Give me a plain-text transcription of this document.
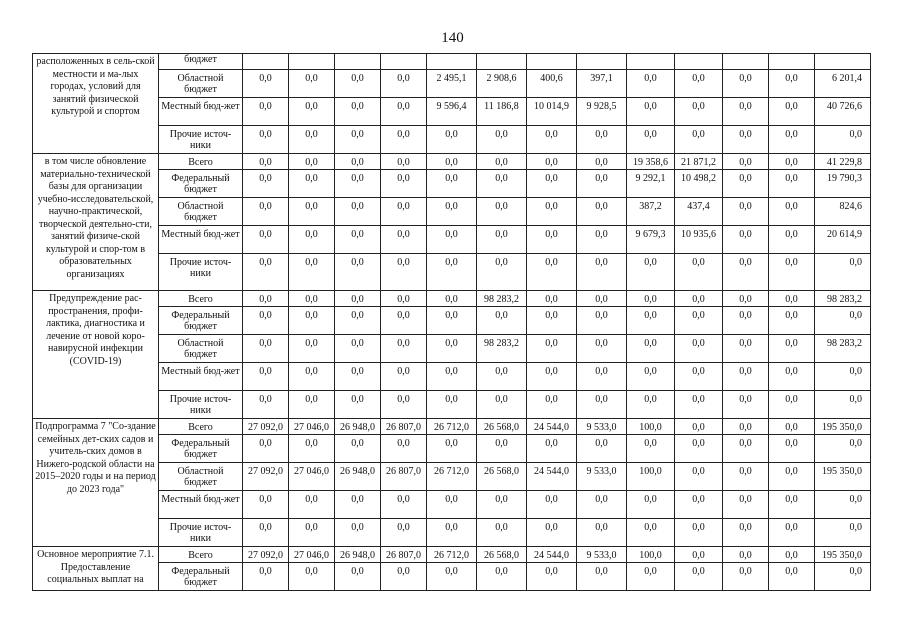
140
расположенных в сель-ской местности и ма-лых городах, условий для занятий физической культурой и спортом	бюджет													
	Областной бюджет	0,0	0,0	0,0	0,0	2 495,1	2 908,6	400,6	397,1	0,0	0,0	0,0	0,0	6 201,4
	Местный бюд-жет	0,0	0,0	0,0	0,0	9 596,4	11 186,8	10 014,9	9 928,5	0,0	0,0	0,0	0,0	40 726,6
	Прочие источ-ники	0,0	0,0	0,0	0,0	0,0	0,0	0,0	0,0	0,0	0,0	0,0	0,0	0,0
в том числе обновление материально-технической базы для организации учебно-исследовательской, научно-практической, творческой деятельно-сти, занятий физиче-ской культурой и спор-том в образовательных организациях	Всего	0,0	0,0	0,0	0,0	0,0	0,0	0,0	0,0	19 358,6	21 871,2	0,0	0,0	41 229,8
	Федеральный бюджет	0,0	0,0	0,0	0,0	0,0	0,0	0,0	0,0	9 292,1	10 498,2	0,0	0,0	19 790,3
	Областной бюджет	0,0	0,0	0,0	0,0	0,0	0,0	0,0	0,0	387,2	437,4	0,0	0,0	824,6
	Местный бюд-жет	0,0	0,0	0,0	0,0	0,0	0,0	0,0	0,0	9 679,3	10 935,6	0,0	0,0	20 614,9
	Прочие источ-ники	0,0	0,0	0,0	0,0	0,0	0,0	0,0	0,0	0,0	0,0	0,0	0,0	0,0
Предупреждение рас-пространения, профи-лактика, диагностика и лечение от новой коро-навирусной инфекции (COVID-19)	Всего	0,0	0,0	0,0	0,0	0,0	98 283,2	0,0	0,0	0,0	0,0	0,0	0,0	98 283,2
	Федеральный бюджет	0,0	0,0	0,0	0,0	0,0	0,0	0,0	0,0	0,0	0,0	0,0	0,0	0,0
	Областной бюджет	0,0	0,0	0,0	0,0	0,0	98 283,2	0,0	0,0	0,0	0,0	0,0	0,0	98 283,2
	Местный бюд-жет	0,0	0,0	0,0	0,0	0,0	0,0	0,0	0,0	0,0	0,0	0,0	0,0	0,0
	Прочие источ-ники	0,0	0,0	0,0	0,0	0,0	0,0	0,0	0,0	0,0	0,0	0,0	0,0	0,0
Подпрограмма 7 "Со-здание семейных дет-ских садов и учитель-ских домов в Нижего-родской области на 2015–2020 годы и на период до 2023 года"	Всего	27 092,0	27 046,0	26 948,0	26 807,0	26 712,0	26 568,0	24 544,0	9 533,0	100,0	0,0	0,0	0,0	195 350,0
	Федеральный бюджет	0,0	0,0	0,0	0,0	0,0	0,0	0,0	0,0	0,0	0,0	0,0	0,0	0,0
	Областной бюджет	27 092,0	27 046,0	26 948,0	26 807,0	26 712,0	26 568,0	24 544,0	9 533,0	100,0	0,0	0,0	0,0	195 350,0
	Местный бюд-жет	0,0	0,0	0,0	0,0	0,0	0,0	0,0	0,0	0,0	0,0	0,0	0,0	0,0
	Прочие источ-ники	0,0	0,0	0,0	0,0	0,0	0,0	0,0	0,0	0,0	0,0	0,0	0,0	0,0
Основное мероприятие 7.1. Предоставление социальных выплат на	Всего	27 092,0	27 046,0	26 948,0	26 807,0	26 712,0	26 568,0	24 544,0	9 533,0	100,0	0,0	0,0	0,0	195 350,0
	Федеральный бюджет	0,0	0,0	0,0	0,0	0,0	0,0	0,0	0,0	0,0	0,0	0,0	0,0	0,0
